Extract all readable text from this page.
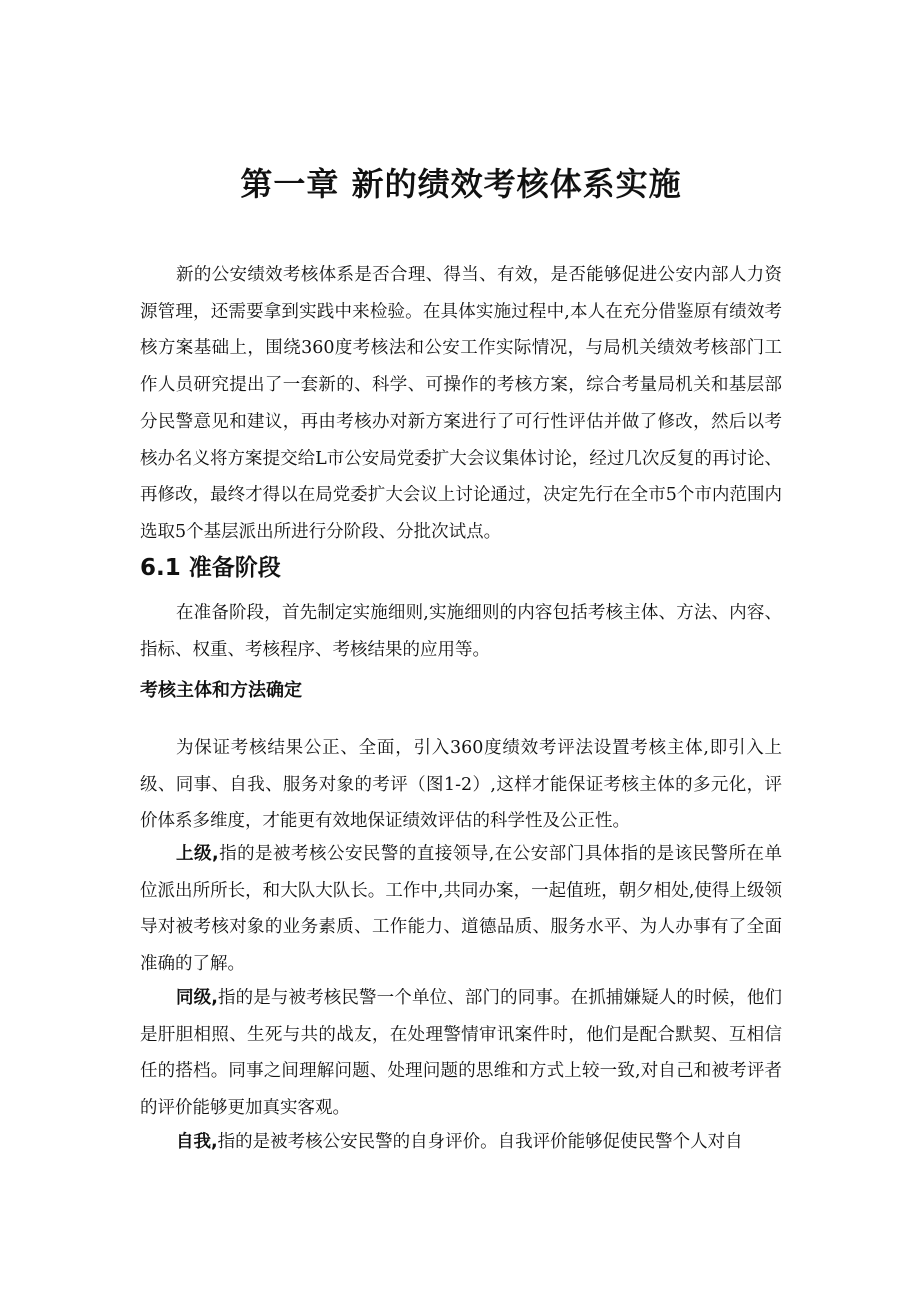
第一章 新的绩效考核体系实施

新的公安绩效考核体系是否合理、得当、有效，是否能够促进公安内部人力资源管理，还需要拿到实践中来检验。在具体实施过程中,本人在充分借鉴原有绩效考核方案基础上，围绕360度考核法和公安工作实际情况，与局机关绩效考核部门工作人员研究提出了一套新的、科学、可操作的考核方案，综合考量局机关和基层部分民警意见和建议，再由考核办对新方案进行了可行性评估并做了修改，然后以考核办名义将方案提交给L市公安局党委扩大会议集体讨论，经过几次反复的再讨论、再修改，最终才得以在局党委扩大会议上讨论通过，决定先行在全市5个市内范围内选取5个基层派出所进行分阶段、分批次试点。

6.1 准备阶段

在准备阶段，首先制定实施细则,实施细则的内容包括考核主体、方法、内容、指标、权重、考核程序、考核结果的应用等。

考核主体和方法确定

为保证考核结果公正、全面，引入360度绩效考评法设置考核主体,即引入上级、同事、自我、服务对象的考评（图1-2）,这样才能保证考核主体的多元化，评价体系多维度，才能更有效地保证绩效评估的科学性及公正性。

上级,指的是被考核公安民警的直接领导,在公安部门具体指的是该民警所在单位派出所所长，和大队大队长。工作中,共同办案，一起值班，朝夕相处,使得上级领导对被考核对象的业务素质、工作能力、道德品质、服务水平、为人办事有了全面准确的了解。

同级,指的是与被考核民警一个单位、部门的同事。在抓捕嫌疑人的时候，他们是肝胆相照、生死与共的战友，在处理警情审讯案件时，他们是配合默契、互相信任的搭档。同事之间理解问题、处理问题的思维和方式上较一致,对自己和被考评者的评价能够更加真实客观。

自我,指的是被考核公安民警的自身评价。自我评价能够促使民警个人对自
